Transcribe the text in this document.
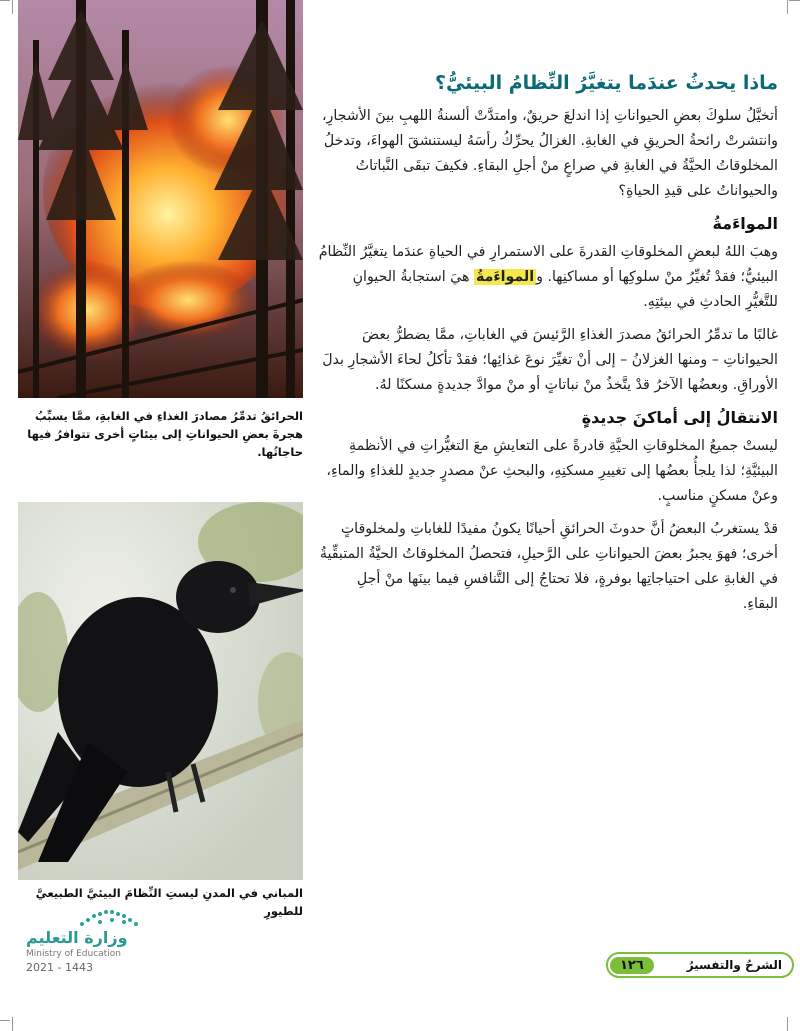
الحرائقُ تدمِّرُ مصادرَ الغذاءِ في الغابةِ، ممَّا يسبِّبُ هجرةَ بعضِ الحيواناتِ إلى بيئاتٍ أخرى تتوافرُ فيها حاجاتُها.
المباني في المدنِ ليستِ النِّظامَ البيئيَّ الطبيعيَّ للطيورِ
ماذا يحدثُ عندَما يتغيَّرُ النِّظامُ البيئيُّ؟

أتخيَّلُ سلوكَ بعضِ الحيواناتِ إذا اندلعَ حريقٌ، وامتدَّتْ ألسنةُ اللهبِ بينَ الأشجارِ، وانتشرتْ رائحةُ الحريقِ في الغابةِ. الغزالُ يحرِّكُ رأسَهُ ليستنشقَ الهواءَ، وتدخلُ المخلوقاتُ الحيَّةُ في الغابةِ في صراعٍ منْ أجلِ البقاءِ. فكيفَ تبقَى النَّباتاتُ والحيواناتُ على قيدِ الحياةِ؟

المواءَمةُ

وهبَ اللهُ لبعضِ المخلوقاتِ القدرةَ على الاستمرارِ في الحياةِ عندَما يتغيَّرُ النِّظامُ البيئيُّ؛ فقدْ تُغيِّرُ منْ سلوكِها أو مساكنِها. والمواءَمةُ هيَ استجابةُ الحيوانِ للتَّغيُّرِ الحادثِ في بيئتِهِ.

غالبًا ما تدمِّرُ الحرائقُ مصدرَ الغذاءِ الرَّئيسَ في الغاباتِ، ممَّا يضطرُّ بعضَ الحيواناتِ – ومنها الغزلانُ – إلى أنْ تغيِّرَ نوعَ غذائِها؛ فقدْ تأكلُ لحاءَ الأشجارِ بدلَ الأوراقِ. وبعضُها الآخرُ قدْ يتَّخذُ منْ نباتاتٍ أو منْ موادَّ جديدةٍ مسكنًا لهُ.

الانتقالُ إلى أماكنَ جديدةٍ

ليستْ جميعُ المخلوقاتِ الحيَّةِ قادرةً على التعايشِ معَ التغيُّراتِ في الأنظمةِ البيئيَّةِ؛ لذا يلجأُ بعضُها إلى تغييرِ مسكنِهِ، والبحثِ عنْ مصدرٍ جديدٍ للغذاءِ والماءِ، وعنْ مسكنٍ مناسبٍ.

قدْ يستغربُ البعضُ أنَّ حدوثَ الحرائقِ أحيانًا يكونُ مفيدًا للغاباتِ ولمخلوقاتٍ أخرى؛ فهوَ يجبرُ بعضَ الحيواناتِ على الرَّحيلِ، فتحصلُ المخلوقاتُ الحيَّةُ المتبقِّيةُ في الغابةِ على احتياجاتِها بوفرةٍ، فلا تحتاجُ إلى التَّنافسِ فيما بينَها منْ أجلِ البقاءِ.

وزارة التعليم
Ministry of Education
2021 - 1443	الشرحُ والتفسيرُ
١٢٦
